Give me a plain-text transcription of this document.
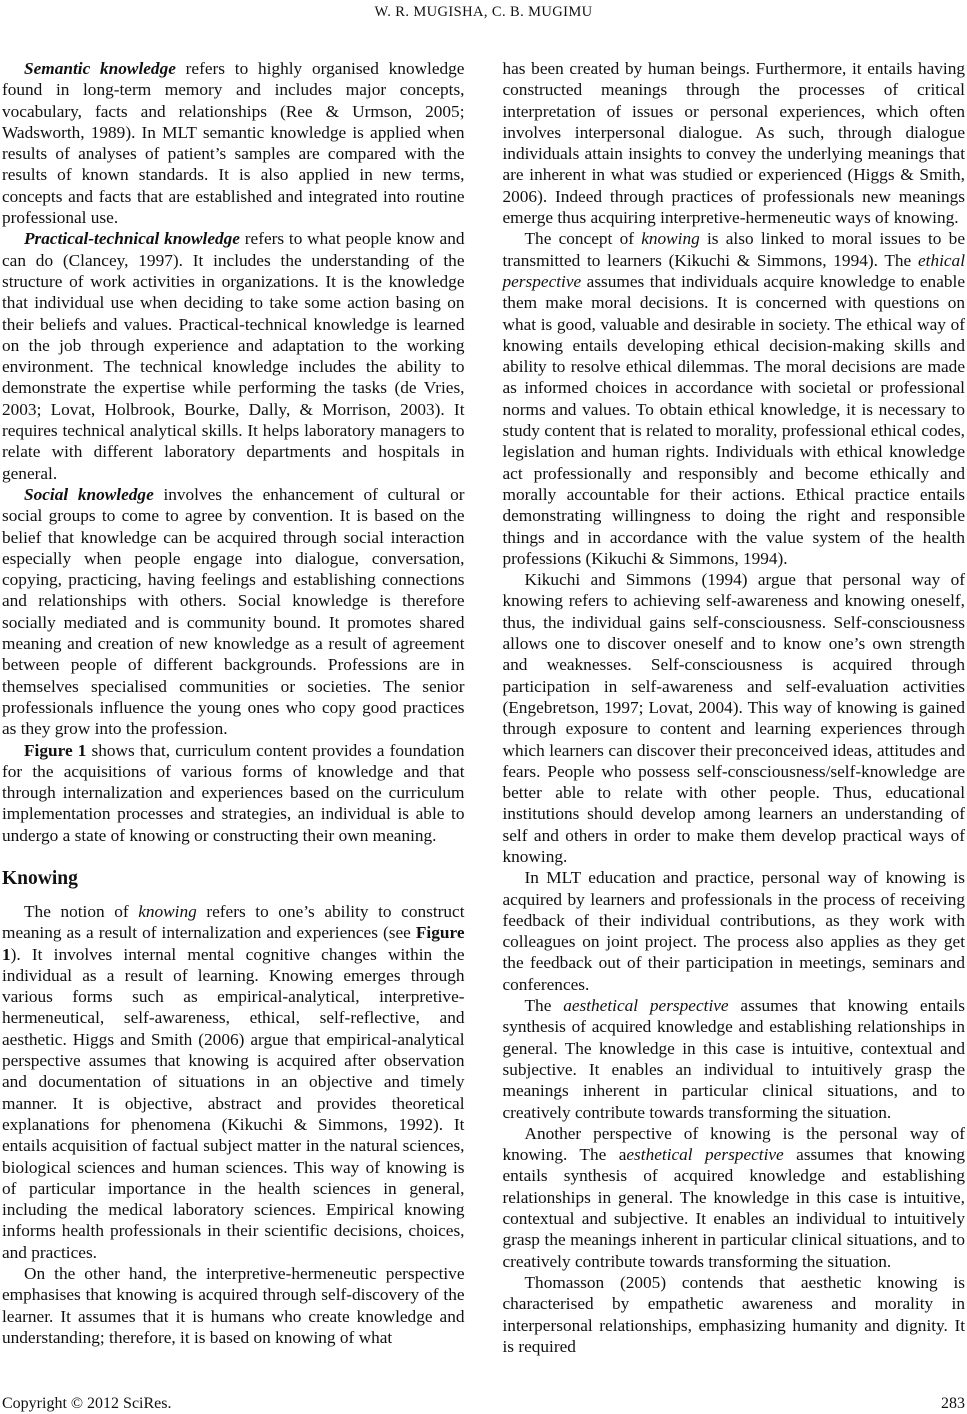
W. R. MUGISHA, C. B. MUGIMU

Semantic knowledge refers to highly organised knowledge found in long-term memory and includes major concepts, vocabulary, facts and relationships (Ree & Urmson, 2005; Wadsworth, 1989). In MLT semantic knowledge is applied when results of analyses of patient’s samples are compared with the results of known standards. It is also applied in new terms, concepts and facts that are established and integrated into routine professional use.

Practical-technical knowledge refers to what people know and can do (Clancey, 1997). It includes the understanding of the structure of work activities in organizations. It is the knowledge that individual use when deciding to take some action basing on their beliefs and values. Practical-technical knowledge is learned on the job through experience and adaptation to the working environment. The technical knowledge includes the ability to demonstrate the expertise while performing the tasks (de Vries, 2003; Lovat, Holbrook, Bourke, Dally, & Morrison, 2003). It requires technical analytical skills. It helps laboratory managers to relate with different laboratory departments and hospitals in general.

Social knowledge involves the enhancement of cultural or social groups to come to agree by convention. It is based on the belief that knowledge can be acquired through social interaction especially when people engage into dialogue, conversation, copying, practicing, having feelings and establishing connections and relationships with others. Social knowledge is therefore socially mediated and is community bound. It promotes shared meaning and creation of new knowledge as a result of agreement between people of different backgrounds. Professions are in themselves specialised communities or societies. The senior professionals influence the young ones who copy good practices as they grow into the profession.

Figure 1 shows that, curriculum content provides a foundation for the acquisitions of various forms of knowledge and that through internalization and experiences based on the curriculum implementation processes and strategies, an individual is able to undergo a state of knowing or constructing their own meaning.

Knowing

The notion of knowing refers to one’s ability to construct meaning as a result of internalization and experiences (see Figure 1). It involves internal mental cognitive changes within the individual as a result of learning. Knowing emerges through various forms such as empirical-analytical, interpretive-hermeneutical, self-awareness, ethical, self-reflective, and aesthetic. Higgs and Smith (2006) argue that empirical-analytical perspective assumes that knowing is acquired after observation and documentation of situations in an objective and timely manner. It is objective, abstract and provides theoretical explanations for phenomena (Kikuchi & Simmons, 1992). It entails acquisition of factual subject matter in the natural sciences, biological sciences and human sciences. This way of knowing is of particular importance in the health sciences in general, including the medical laboratory sciences. Empirical knowing informs health professionals in their scientific decisions, choices, and practices.

On the other hand, the interpretive-hermeneutic perspective emphasises that knowing is acquired through self-discovery of the learner. It assumes that it is humans who create knowledge and understanding; therefore, it is based on knowing of what

has been created by human beings. Furthermore, it entails having constructed meanings through the processes of critical interpretation of issues or personal experiences, which often involves interpersonal dialogue. As such, through dialogue individuals attain insights to convey the underlying meanings that are inherent in what was studied or experienced (Higgs & Smith, 2006). Indeed through practices of professionals new meanings emerge thus acquiring interpretive-hermeneutic ways of knowing.

The concept of knowing is also linked to moral issues to be transmitted to learners (Kikuchi & Simmons, 1994). The ethical perspective assumes that individuals acquire knowledge to enable them make moral decisions. It is concerned with questions on what is good, valuable and desirable in society. The ethical way of knowing entails developing ethical decision-making skills and ability to resolve ethical dilemmas. The moral decisions are made as informed choices in accordance with societal or professional norms and values. To obtain ethical knowledge, it is necessary to study content that is related to morality, professional ethical codes, legislation and human rights. Individuals with ethical knowledge act professionally and responsibly and become ethically and morally accountable for their actions. Ethical practice entails demonstrating willingness to doing the right and responsible things and in accordance with the value system of the health professions (Kikuchi & Simmons, 1994).

Kikuchi and Simmons (1994) argue that personal way of knowing refers to achieving self-awareness and knowing oneself, thus, the individual gains self-consciousness. Self-consciousness allows one to discover oneself and to know one’s own strength and weaknesses. Self-consciousness is acquired through participation in self-awareness and self-evaluation activities (Engebretson, 1997; Lovat, 2004). This way of knowing is gained through exposure to content and learning experiences through which learners can discover their preconceived ideas, attitudes and fears. People who possess self-consciousness/self-knowledge are better able to relate with other people. Thus, educational institutions should develop among learners an understanding of self and others in order to make them develop practical ways of knowing.

In MLT education and practice, personal way of knowing is acquired by learners and professionals in the process of receiving feedback of their individual contributions, as they work with colleagues on joint project. The process also applies as they get the feedback out of their participation in meetings, seminars and conferences.

The aesthetical perspective assumes that knowing entails synthesis of acquired knowledge and establishing relationships in general. The knowledge in this case is intuitive, contextual and subjective. It enables an individual to intuitively grasp the meanings inherent in particular clinical situations, and to creatively contribute towards transforming the situation.

Another perspective of knowing is the personal way of knowing. The aesthetical perspective assumes that knowing entails synthesis of acquired knowledge and establishing relationships in general. The knowledge in this case is intuitive, contextual and subjective. It enables an individual to intuitively grasp the meanings inherent in particular clinical situations, and to creatively contribute towards transforming the situation.

Thomasson (2005) contends that aesthetic knowing is characterised by empathetic awareness and morality in interpersonal relationships, emphasizing humanity and dignity. It is required

Copyright © 2012 SciRes.	283
